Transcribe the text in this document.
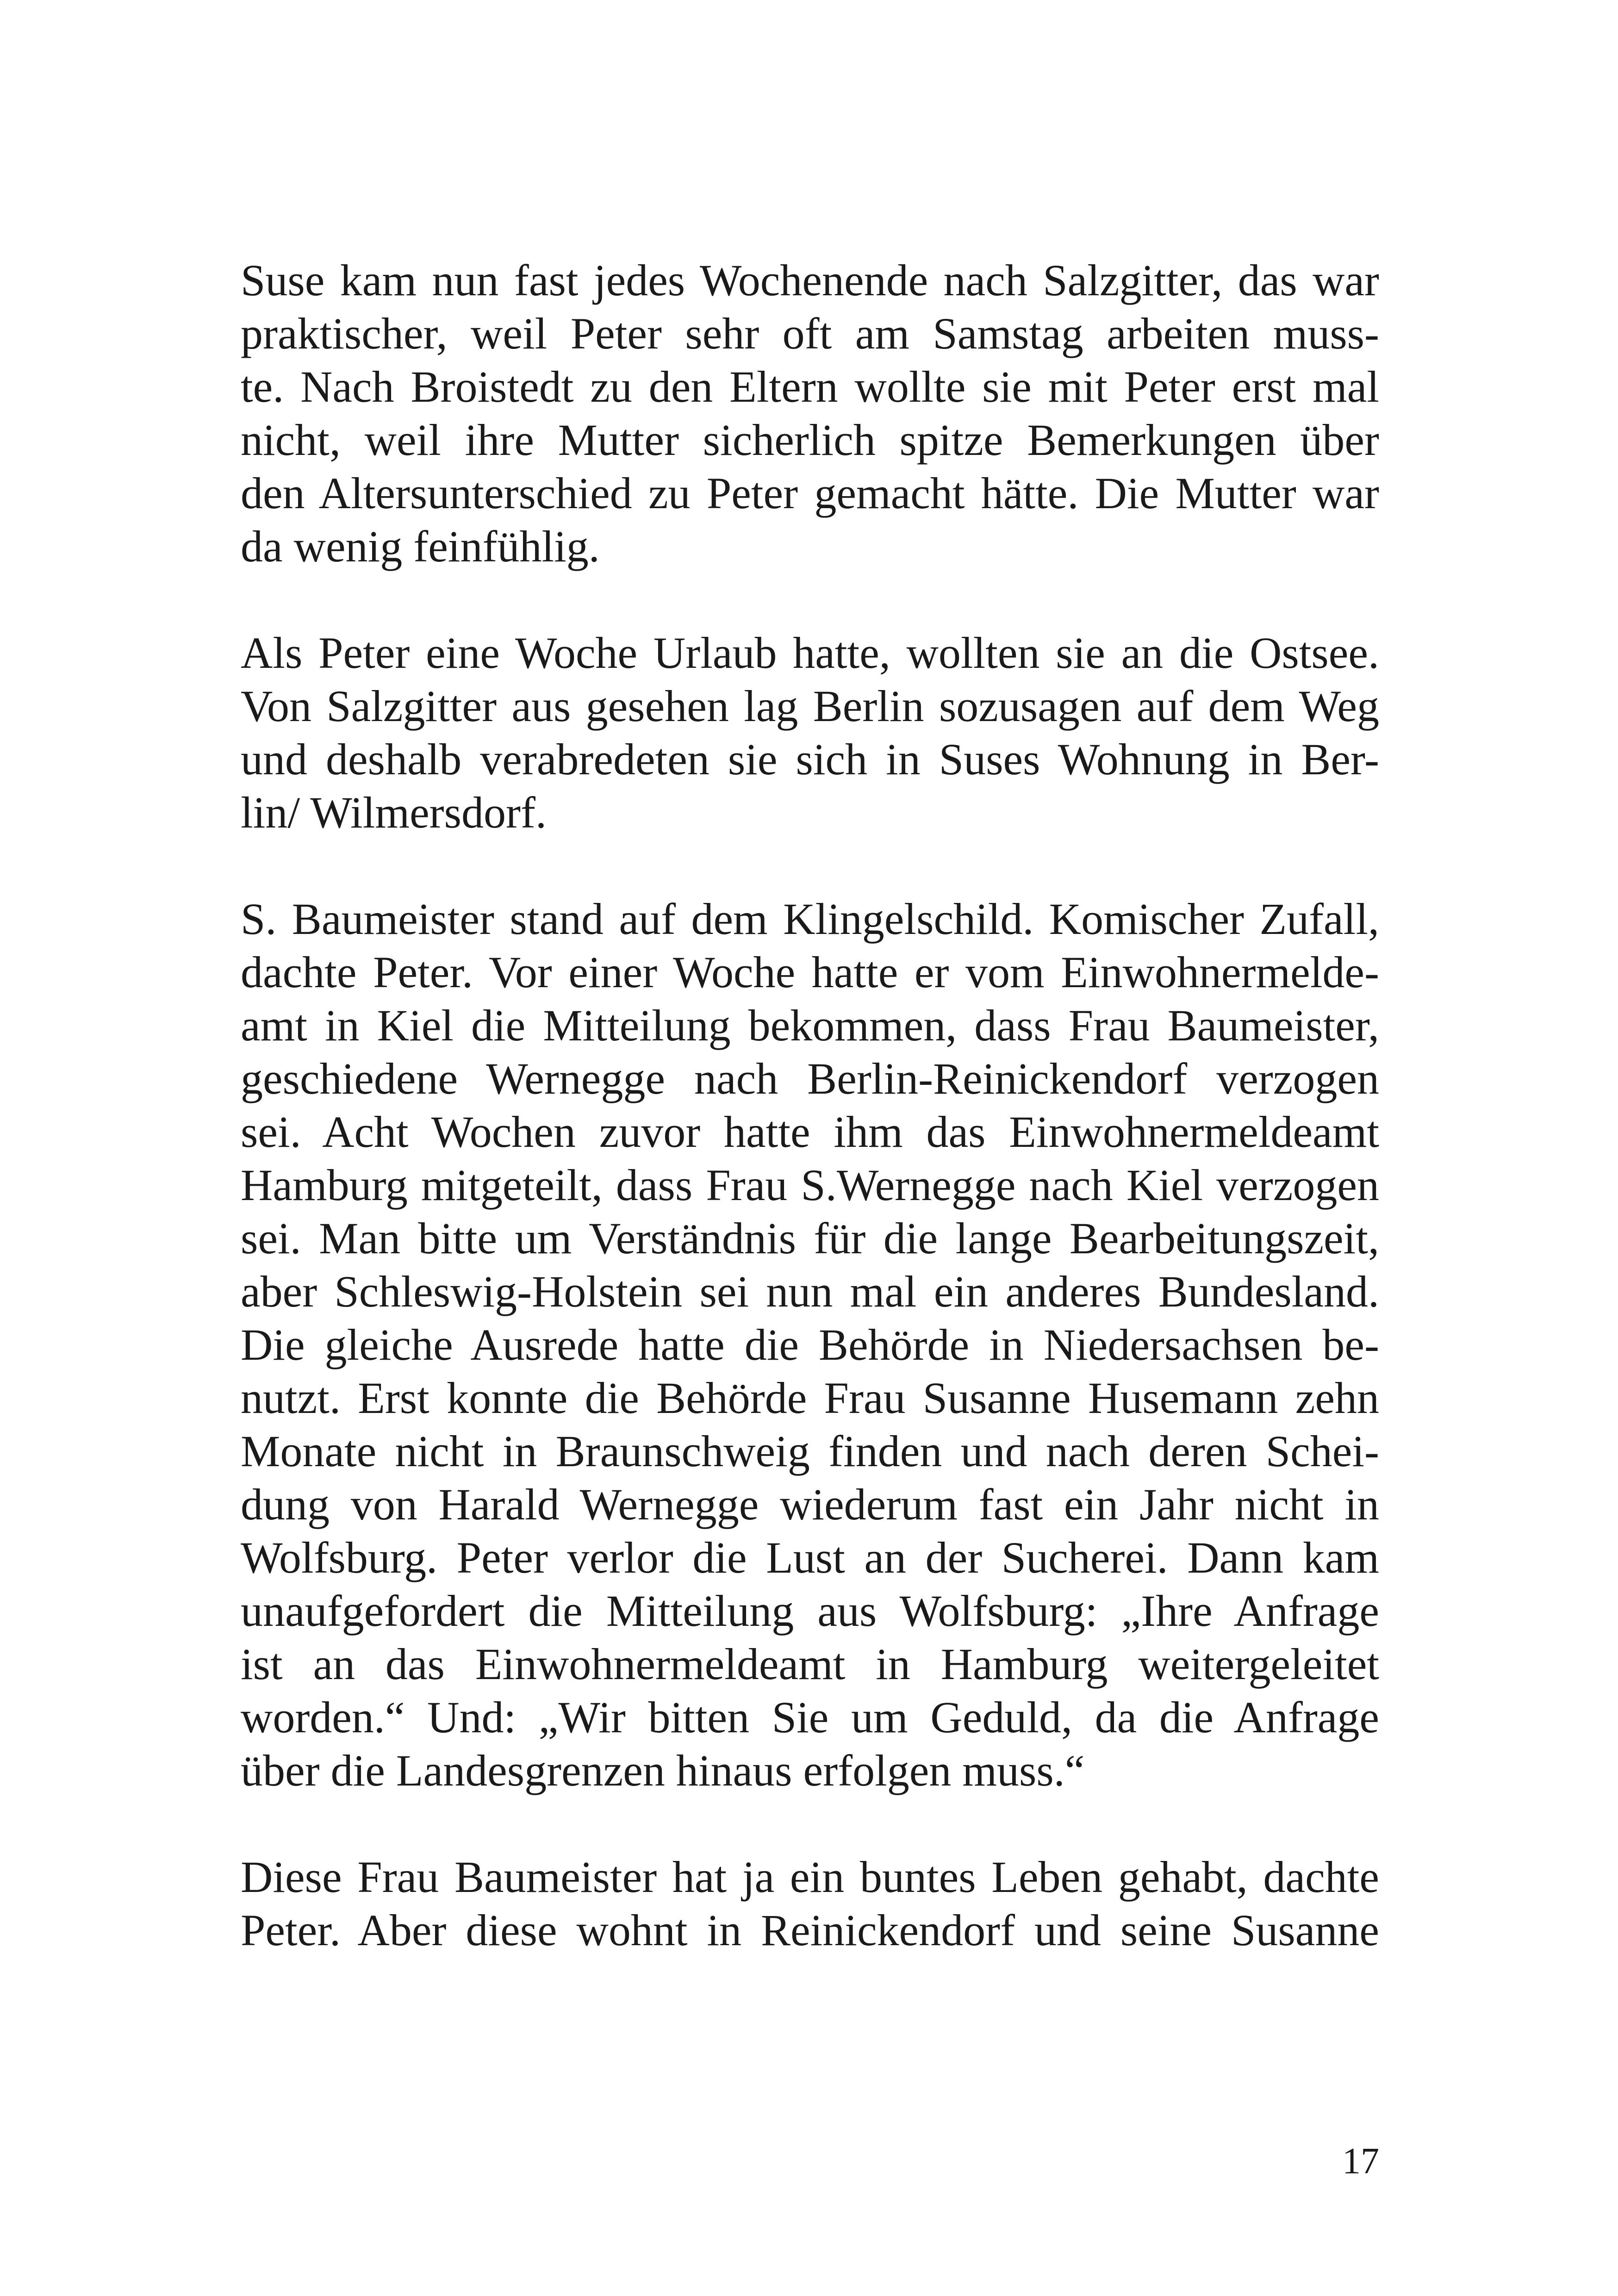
Suse kam nun fast jedes Wochenende nach Salzgitter, das war
praktischer, weil Peter sehr oft am Samstag arbeiten muss-
te. Nach Broistedt zu den Eltern wollte sie mit Peter erst mal
nicht, weil ihre Mutter sicherlich spitze Bemerkungen über
den Altersunterschied zu Peter gemacht hätte. Die Mutter war
da wenig feinfühlig.

Als Peter eine Woche Urlaub hatte, wollten sie an die Ostsee.
Von Salzgitter aus gesehen lag Berlin sozusagen auf dem Weg
und deshalb verabredeten sie sich in Suses Wohnung in Ber-
lin/ Wilmersdorf.

S. Baumeister stand auf dem Klingelschild. Komischer Zufall,
dachte Peter. Vor einer Woche hatte er vom Einwohnermelde-
amt in Kiel die Mitteilung bekommen, dass Frau Baumeister,
geschiedene Wernegge nach Berlin-Reinickendorf verzogen
sei. Acht Wochen zuvor hatte ihm das Einwohnermeldeamt
Hamburg mitgeteilt, dass Frau S.Wernegge nach Kiel verzogen
sei. Man bitte um Verständnis für die lange Bearbeitungszeit,
aber Schleswig-Holstein sei nun mal ein anderes Bundesland.
Die gleiche Ausrede hatte die Behörde in Niedersachsen be-
nutzt. Erst konnte die Behörde Frau Susanne Husemann zehn
Monate nicht in Braunschweig finden und nach deren Schei-
dung von Harald Wernegge wiederum fast ein Jahr nicht in
Wolfsburg. Peter verlor die Lust an der Sucherei. Dann kam
unaufgefordert die Mitteilung aus Wolfsburg: „Ihre Anfrage
ist an das Einwohnermeldeamt in Hamburg weitergeleitet
worden.“ Und: „Wir bitten Sie um Geduld, da die Anfrage
über die Landesgrenzen hinaus erfolgen muss.“

Diese Frau Baumeister hat ja ein buntes Leben gehabt, dachte
Peter. Aber diese wohnt in Reinickendorf und seine Susanne

17
